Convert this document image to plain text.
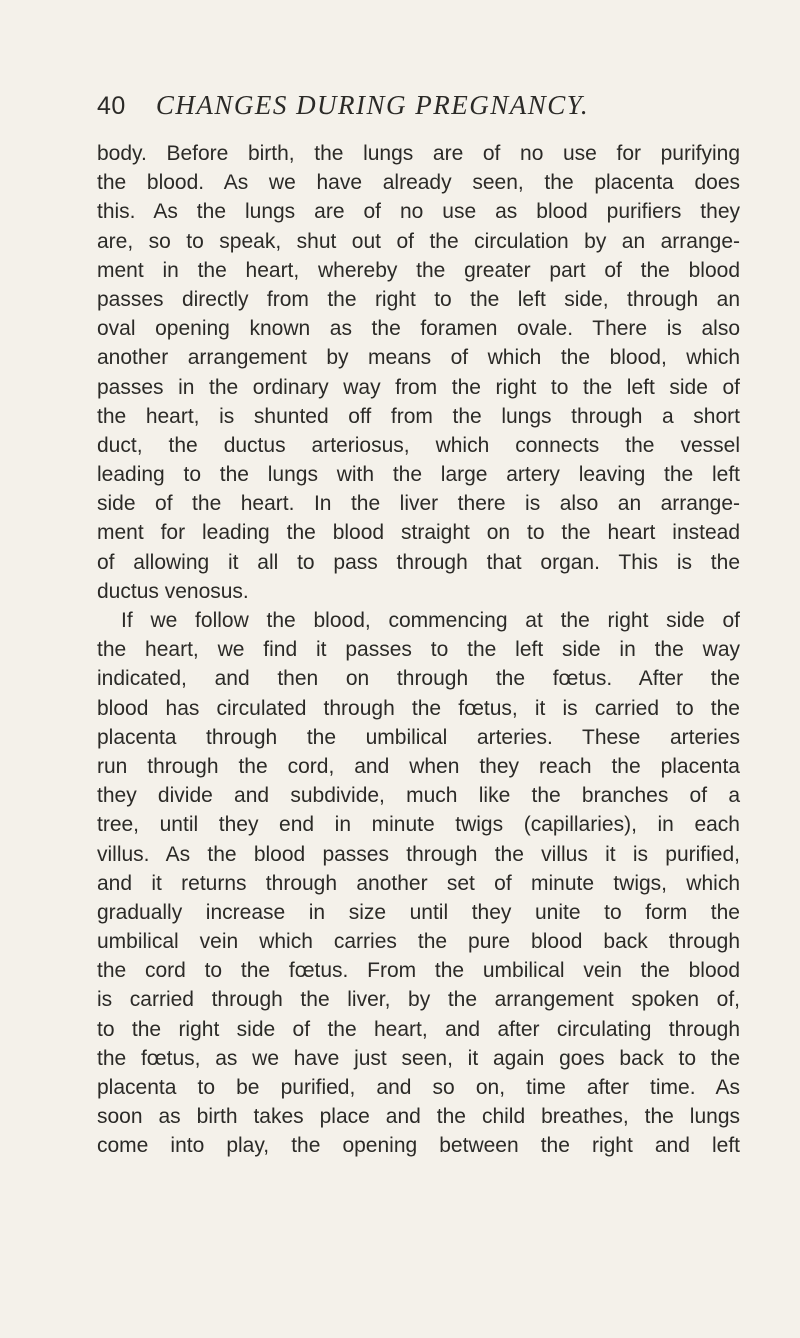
40 CHANGES DURING PREGNANCY.
body. Before birth, the lungs are of no use for purifying
the blood. As we have already seen, the placenta does
this. As the lungs are of no use as blood purifiers they
are, so to speak, shut out of the circulation by an arrange-
ment in the heart, whereby the greater part of the blood
passes directly from the right to the left side, through an
oval opening known as the foramen ovale. There is also
another arrangement by means of which the blood, which
passes in the ordinary way from the right to the left side of
the heart, is shunted off from the lungs through a short
duct, the ductus arteriosus, which connects the vessel
leading to the lungs with the large artery leaving the left
side of the heart. In the liver there is also an arrange-
ment for leading the blood straight on to the heart instead
of allowing it all to pass through that organ. This is the
ductus venosus.
If we follow the blood, commencing at the right side of
the heart, we find it passes to the left side in the way
indicated, and then on through the fœtus. After the
blood has circulated through the fœtus, it is carried to the
placenta through the umbilical arteries. These arteries
run through the cord, and when they reach the placenta
they divide and subdivide, much like the branches of a
tree, until they end in minute twigs (capillaries), in each
villus. As the blood passes through the villus it is purified,
and it returns through another set of minute twigs, which
gradually increase in size until they unite to form the
umbilical vein which carries the pure blood back through
the cord to the fœtus. From the umbilical vein the blood
is carried through the liver, by the arrangement spoken of,
to the right side of the heart, and after circulating through
the fœtus, as we have just seen, it again goes back to the
placenta to be purified, and so on, time after time. As
soon as birth takes place and the child breathes, the lungs
come into play, the opening between the right and left
